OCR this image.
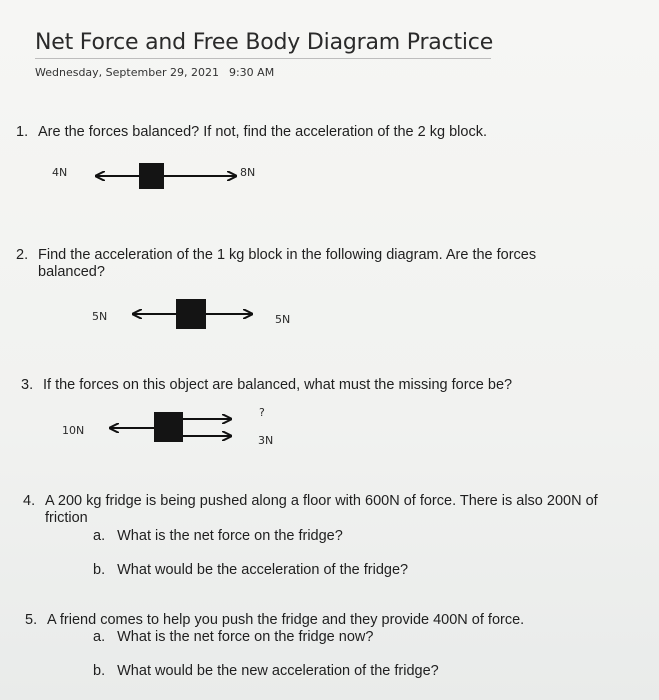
Net Force and Free Body Diagram Practice
Wednesday, September 29, 2021 9:30 AM
1. Are the forces balanced? If not, find the acceleration of the 2 kg block.
4N	8N
2. Find the acceleration of the 1 kg block in the following diagram. Are the forces
balanced?
5N	5N
3. If the forces on this object are balanced, what must the missing force be?
10N
?
3N
4. A 200 kg fridge is being pushed along a floor with 600N of force. There is also 200N of
friction
a. What is the net force on the fridge?
b. What would be the acceleration of the fridge?
5. A friend comes to help you push the fridge and they provide 400N of force.
a. What is the net force on the fridge now?
b. What would be the new acceleration of the fridge?
